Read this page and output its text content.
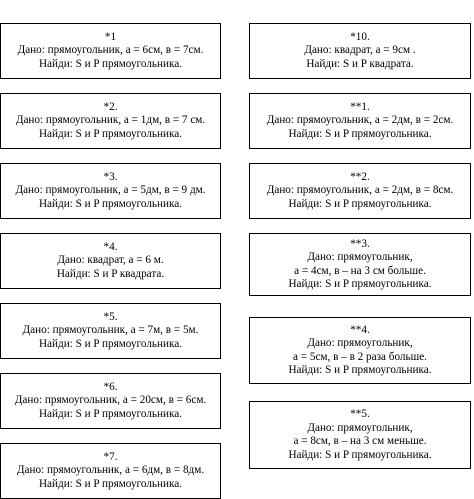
*1
Дано: прямоугольник, а = 6см, в = 7см.
Найди: S и P прямоугольника.
*2.
Дано: прямоугольник, а = 1дм, в = 7 см.
Найди: S и P прямоугольника.
*3.
Дано: прямоугольник, а = 5дм, в = 9 дм.
Найди: S и P прямоугольника.
*4.
Дано: квадрат, а = 6 м.
Найди: S и P квадрата.
*5.
Дано: прямоугольник, а = 7м, в = 5м.
Найди: S и P прямоугольника.
*6.
Дано: прямоугольник, а = 20см, в = 6см.
Найди: S и P прямоугольника.
*7.
Дано: прямоугольник, а = 6дм, в = 8дм.
Найди: S и P прямоугольника.
*10.
Дано: квадрат, а = 9см .
Найди: S и P квадрата.
**1.
Дано: прямоугольник, а = 2дм, в = 2см.
Найди: S и P прямоугольника.
**2.
Дано: прямоугольник, а = 2дм, в = 8см.
Найди: S и P прямоугольника.
**3.
Дано: прямоугольник,
а = 4см, в – на 3 см больше.
Найди: S и P прямоугольника.
**4.
Дано: прямоугольник,
а = 5см, в – в 2 раза больше.
Найди: S и P прямоугольника.
**5.
Дано: прямоугольник,
а = 8см, в – на 3 см меньше.
Найди: S и P прямоугольника.
